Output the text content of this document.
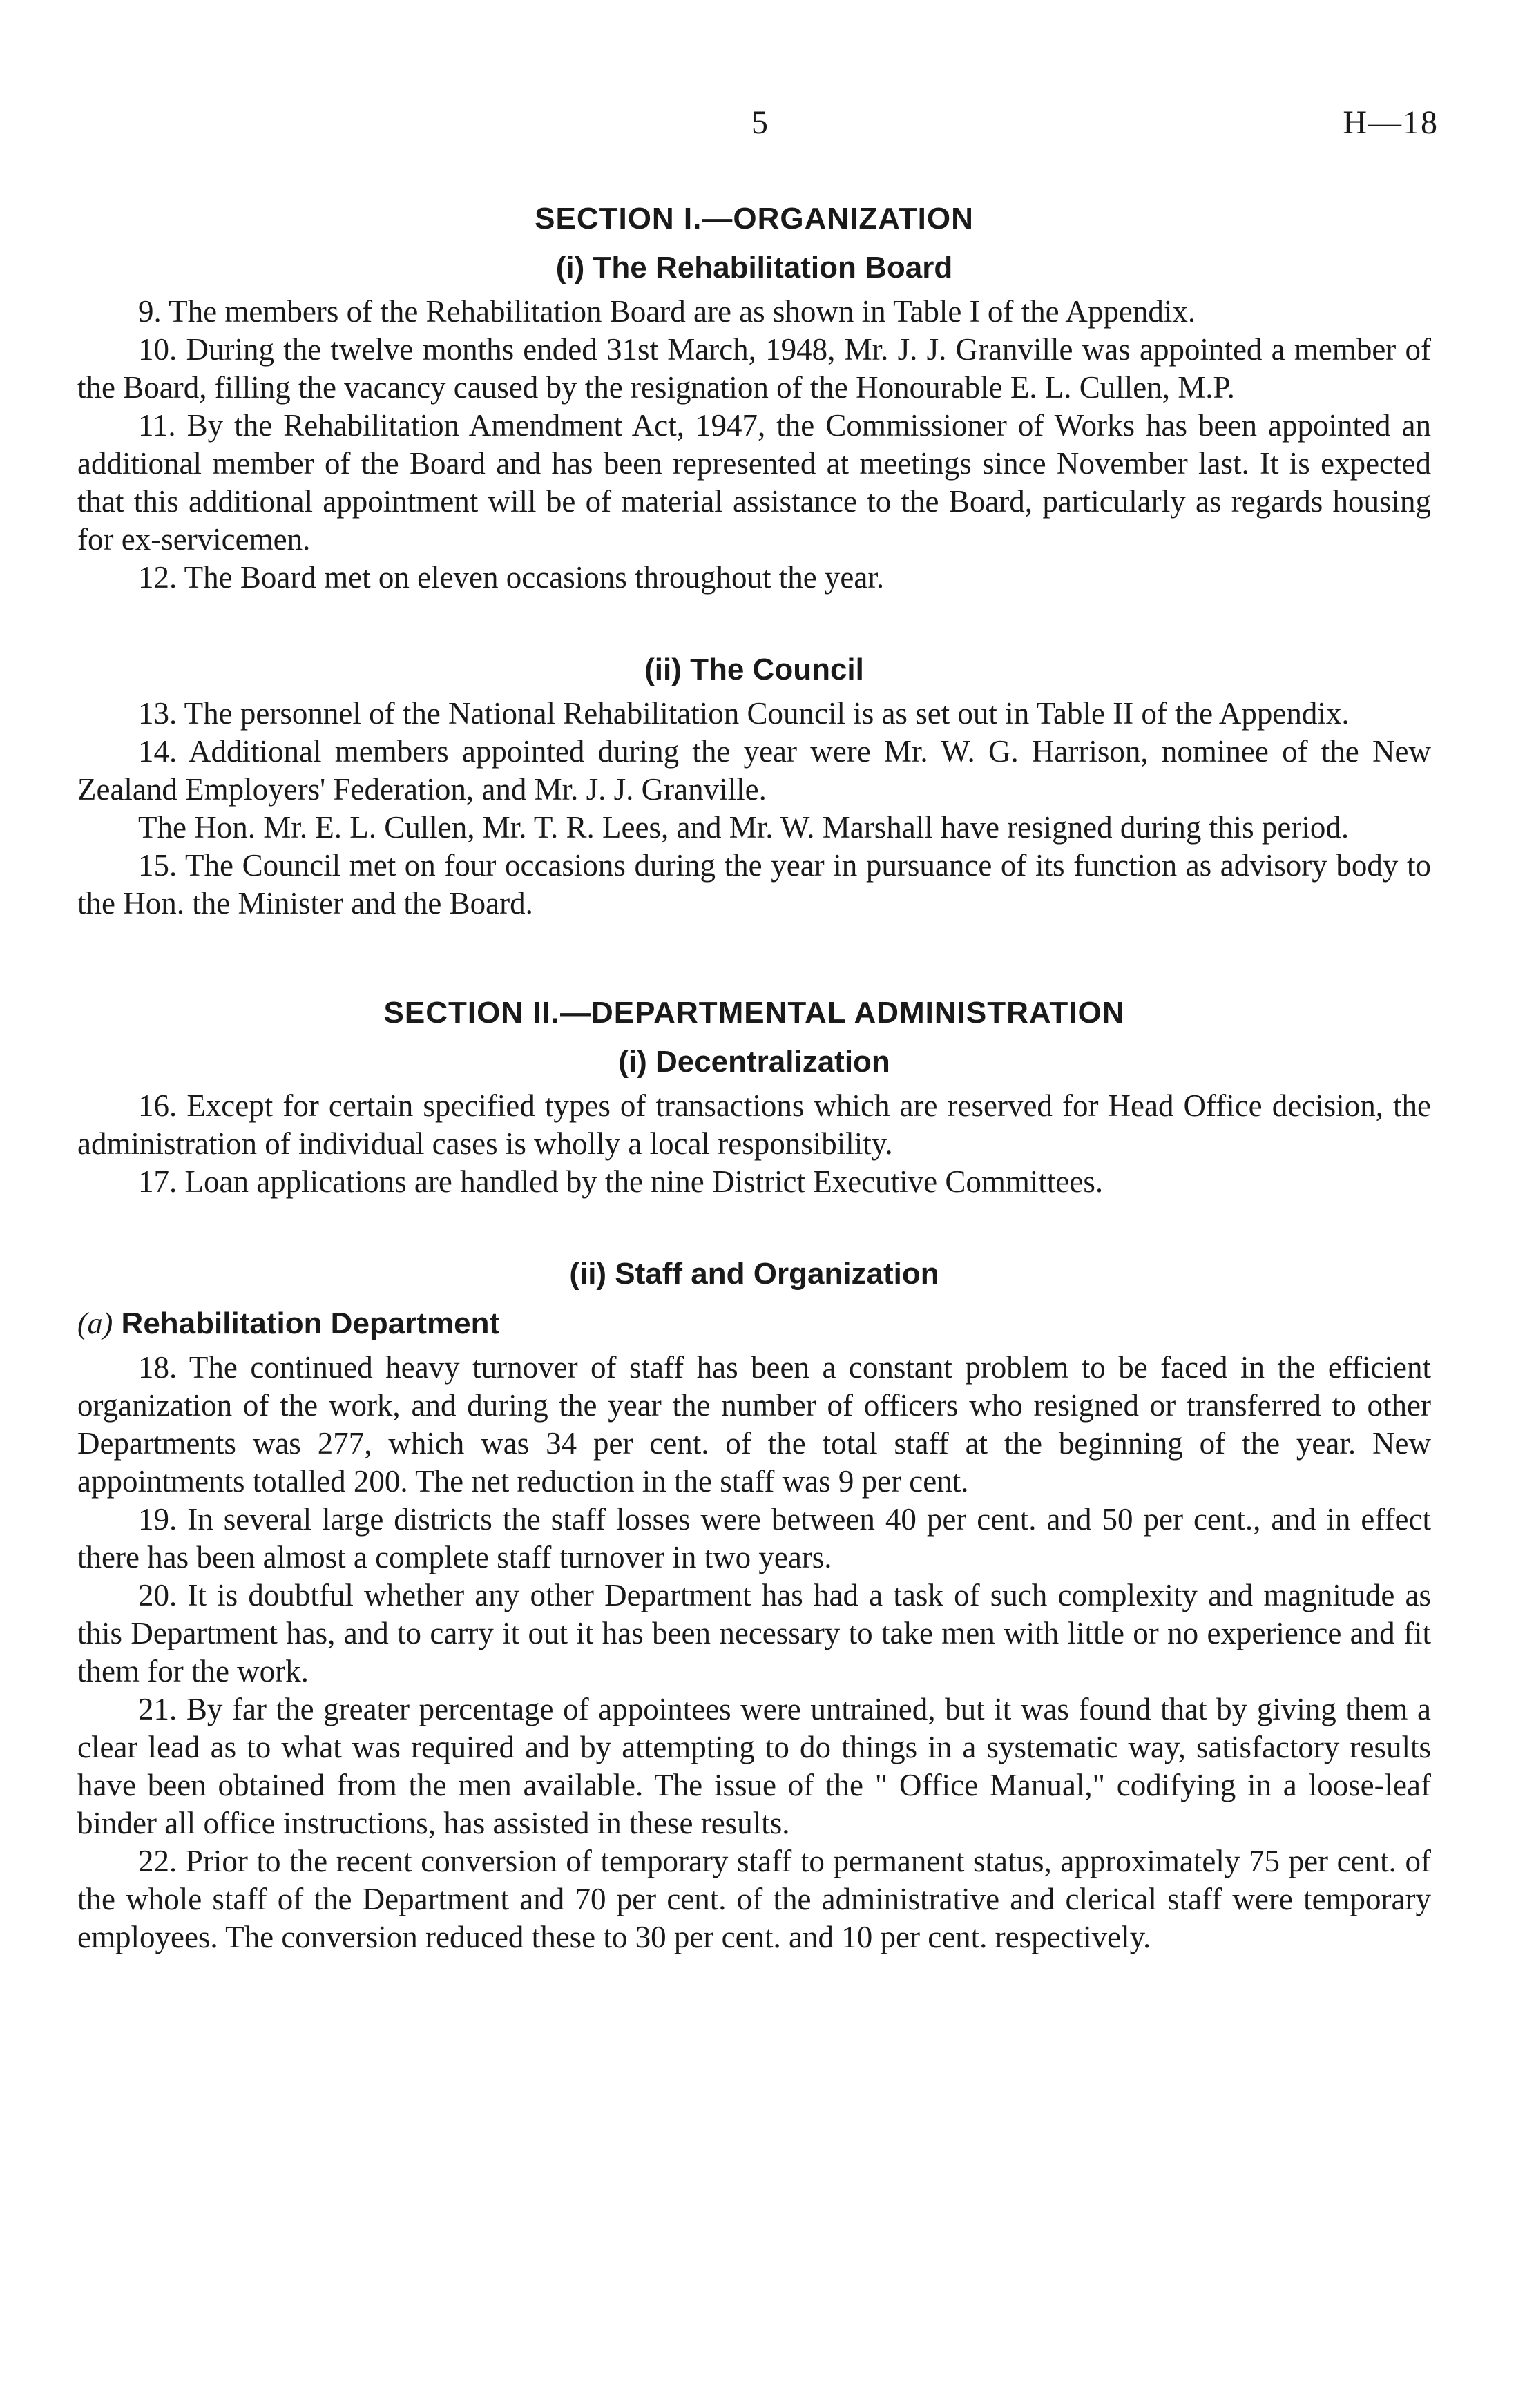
5	H—18
SECTION I.—ORGANIZATION
(i) The Rehabilitation Board

9. The members of the Rehabilitation Board are as shown in Table I of the Appendix.

10. During the twelve months ended 31st March, 1948, Mr. J. J. Granville was appointed a member of the Board, filling the vacancy caused by the resignation of the Honourable E. L. Cullen, M.P.

11. By the Rehabilitation Amendment Act, 1947, the Commissioner of Works has been appointed an additional member of the Board and has been represented at meetings since November last. It is expected that this additional appointment will be of material assistance to the Board, particularly as regards housing for ex-servicemen.

12. The Board met on eleven occasions throughout the year.

(ii) The Council

13. The personnel of the National Rehabilitation Council is as set out in Table II of the Appendix.

14. Additional members appointed during the year were Mr. W. G. Harrison, nominee of the New Zealand Employers' Federation, and Mr. J. J. Granville.

The Hon. Mr. E. L. Cullen, Mr. T. R. Lees, and Mr. W. Marshall have resigned during this period.

15. The Council met on four occasions during the year in pursuance of its function as advisory body to the Hon. the Minister and the Board.

SECTION II.—DEPARTMENTAL ADMINISTRATION
(i) Decentralization

16. Except for certain specified types of transactions which are reserved for Head Office decision, the administration of individual cases is wholly a local responsibility.

17. Loan applications are handled by the nine District Executive Committees.

(ii) Staff and Organization
(a) Rehabilitation Department

18. The continued heavy turnover of staff has been a constant problem to be faced in the efficient organization of the work, and during the year the number of officers who resigned or transferred to other Departments was 277, which was 34 per cent. of the total staff at the beginning of the year. New appointments totalled 200. The net reduction in the staff was 9 per cent.

19. In several large districts the staff losses were between 40 per cent. and 50 per cent., and in effect there has been almost a complete staff turnover in two years.

20. It is doubtful whether any other Department has had a task of such complexity and magnitude as this Department has, and to carry it out it has been necessary to take men with little or no experience and fit them for the work.

21. By far the greater percentage of appointees were untrained, but it was found that by giving them a clear lead as to what was required and by attempting to do things in a systematic way, satisfactory results have been obtained from the men available. The issue of the " Office Manual," codifying in a loose-leaf binder all office instructions, has assisted in these results.

22. Prior to the recent conversion of temporary staff to permanent status, approximately 75 per cent. of the whole staff of the Department and 70 per cent. of the administrative and clerical staff were temporary employees. The conversion reduced these to 30 per cent. and 10 per cent. respectively.
